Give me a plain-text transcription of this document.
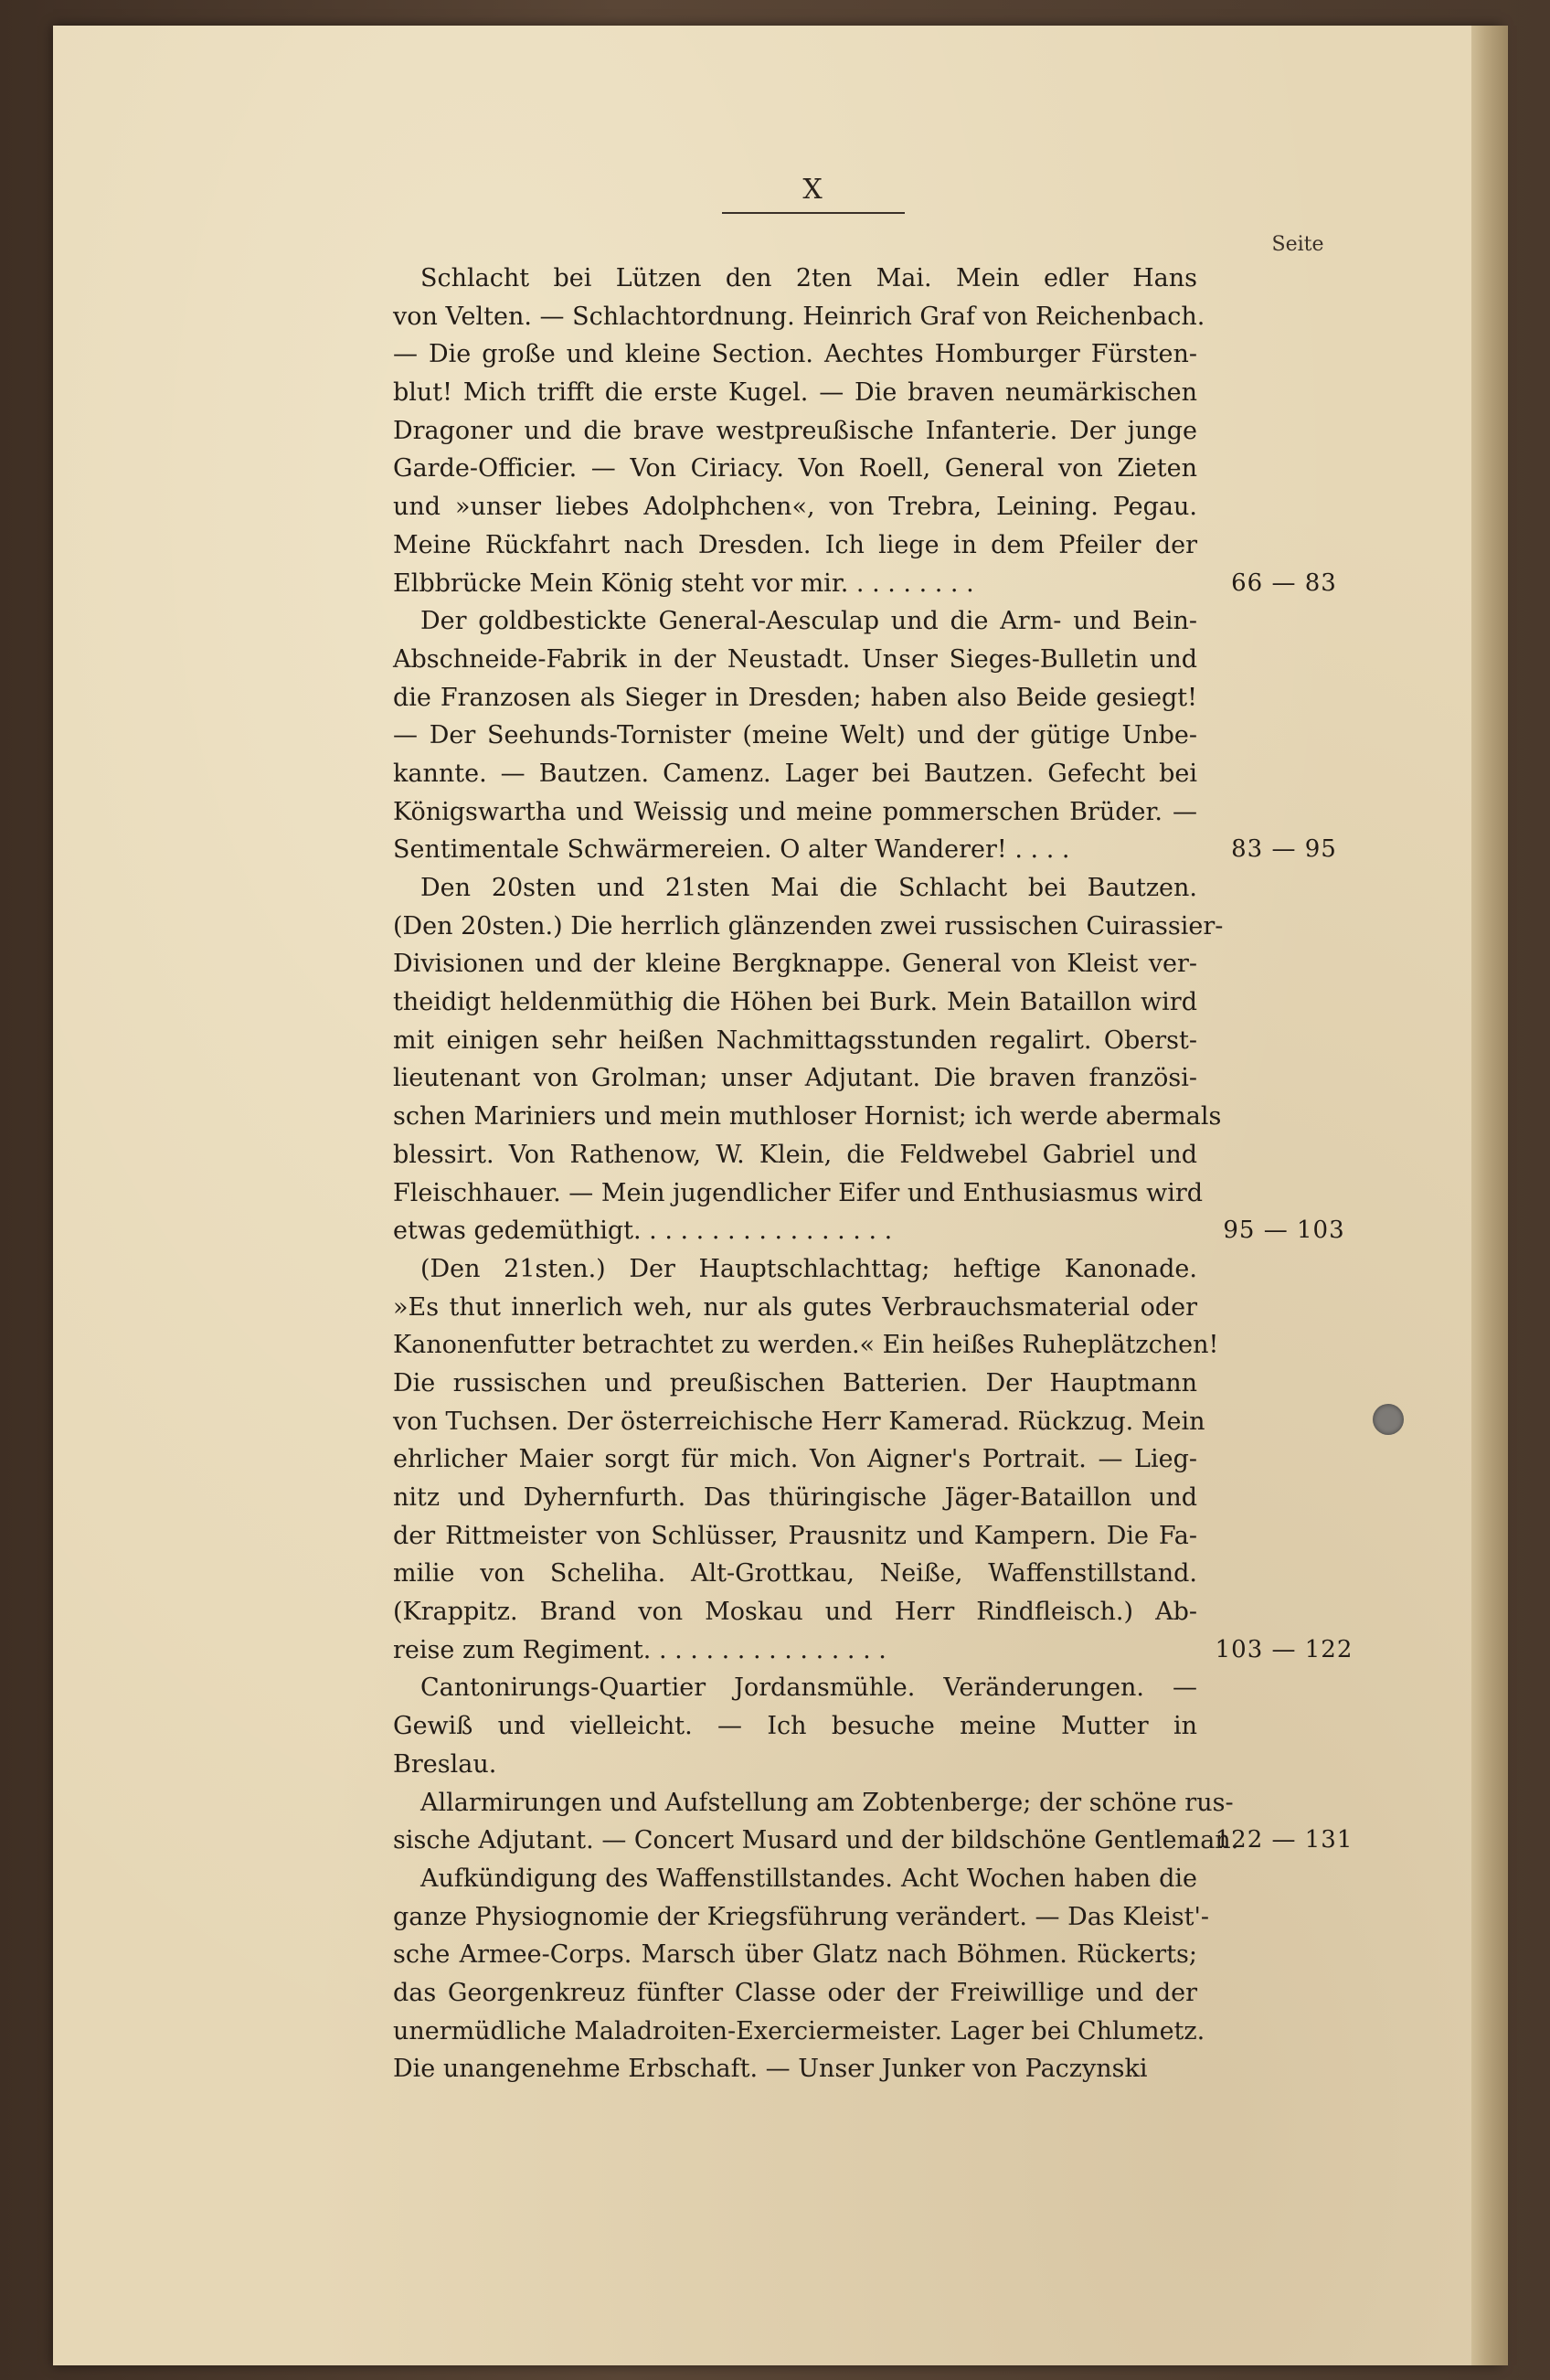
X
Seite
Schlacht bei Lützen den 2ten Mai. Mein edler Hans
von Velten. — Schlachtordnung. Heinrich Graf von Reichenbach.
— Die große und kleine Section. Aechtes Homburger Fürsten-
blut! Mich trifft die erste Kugel. — Die braven neumärkischen
Dragoner und die brave westpreußische Infanterie. Der junge
Garde-Officier. — Von Ciriacy. Von Roell, General von Zieten
und »unser liebes Adolphchen«, von Trebra, Leining. Pegau.
Meine Rückfahrt nach Dresden. Ich liege in dem Pfeiler der
Elbbrücke Mein König steht vor mir. . . . . . . . .	66 — 83
Der goldbestickte General-Aesculap und die Arm- und Bein-
Abschneide-Fabrik in der Neustadt. Unser Sieges-Bulletin und
die Franzosen als Sieger in Dresden; haben also Beide gesiegt!
— Der Seehunds-Tornister (meine Welt) und der gütige Unbe-
kannte. — Bautzen. Camenz. Lager bei Bautzen. Gefecht bei
Königswartha und Weissig und meine pommerschen Brüder. —
Sentimentale Schwärmereien. O alter Wanderer! . . . .	83 — 95
Den 20sten und 21sten Mai die Schlacht bei Bautzen.
(Den 20sten.) Die herrlich glänzenden zwei russischen Cuirassier-
Divisionen und der kleine Bergknappe. General von Kleist ver-
theidigt heldenmüthig die Höhen bei Burk. Mein Bataillon wird
mit einigen sehr heißen Nachmittagsstunden regalirt. Oberst-
lieutenant von Grolman; unser Adjutant. Die braven französi-
schen Mariniers und mein muthloser Hornist; ich werde abermals
blessirt. Von Rathenow, W. Klein, die Feldwebel Gabriel und
Fleischhauer. — Mein jugendlicher Eifer und Enthusiasmus wird
etwas gedemüthigt. . . . . . . . . . . . . . . . .	95 — 103
(Den 21sten.) Der Hauptschlachttag; heftige Kanonade.
»Es thut innerlich weh, nur als gutes Verbrauchsmaterial oder
Kanonenfutter betrachtet zu werden.« Ein heißes Ruheplätzchen!
Die russischen und preußischen Batterien. Der Hauptmann
von Tuchsen. Der österreichische Herr Kamerad. Rückzug. Mein
ehrlicher Maier sorgt für mich. Von Aigner's Portrait. — Lieg-
nitz und Dyhernfurth. Das thüringische Jäger-Bataillon und
der Rittmeister von Schlüsser, Prausnitz und Kampern. Die Fa-
milie von Scheliha. Alt-Grottkau, Neiße, Waffenstillstand.
(Krappitz. Brand von Moskau und Herr Rindfleisch.) Ab-
reise zum Regiment. . . . . . . . . . . . . . . .	103 — 122
Cantonirungs-Quartier Jordansmühle. Veränderungen. —
Gewiß und vielleicht. — Ich besuche meine Mutter in
Breslau.
Allarmirungen und Aufstellung am Zobtenberge; der schöne rus-
sische Adjutant. — Concert Musard und der bildschöne Gentleman.
122 — 131
Aufkündigung des Waffenstillstandes. Acht Wochen haben die
ganze Physiognomie der Kriegsführung verändert. — Das Kleist'-
sche Armee-Corps. Marsch über Glatz nach Böhmen. Rückerts;
das Georgenkreuz fünfter Classe oder der Freiwillige und der
unermüdliche Maladroiten-Exerciermeister. Lager bei Chlumetz.
Die unangenehme Erbschaft. — Unser Junker von Paczynski
